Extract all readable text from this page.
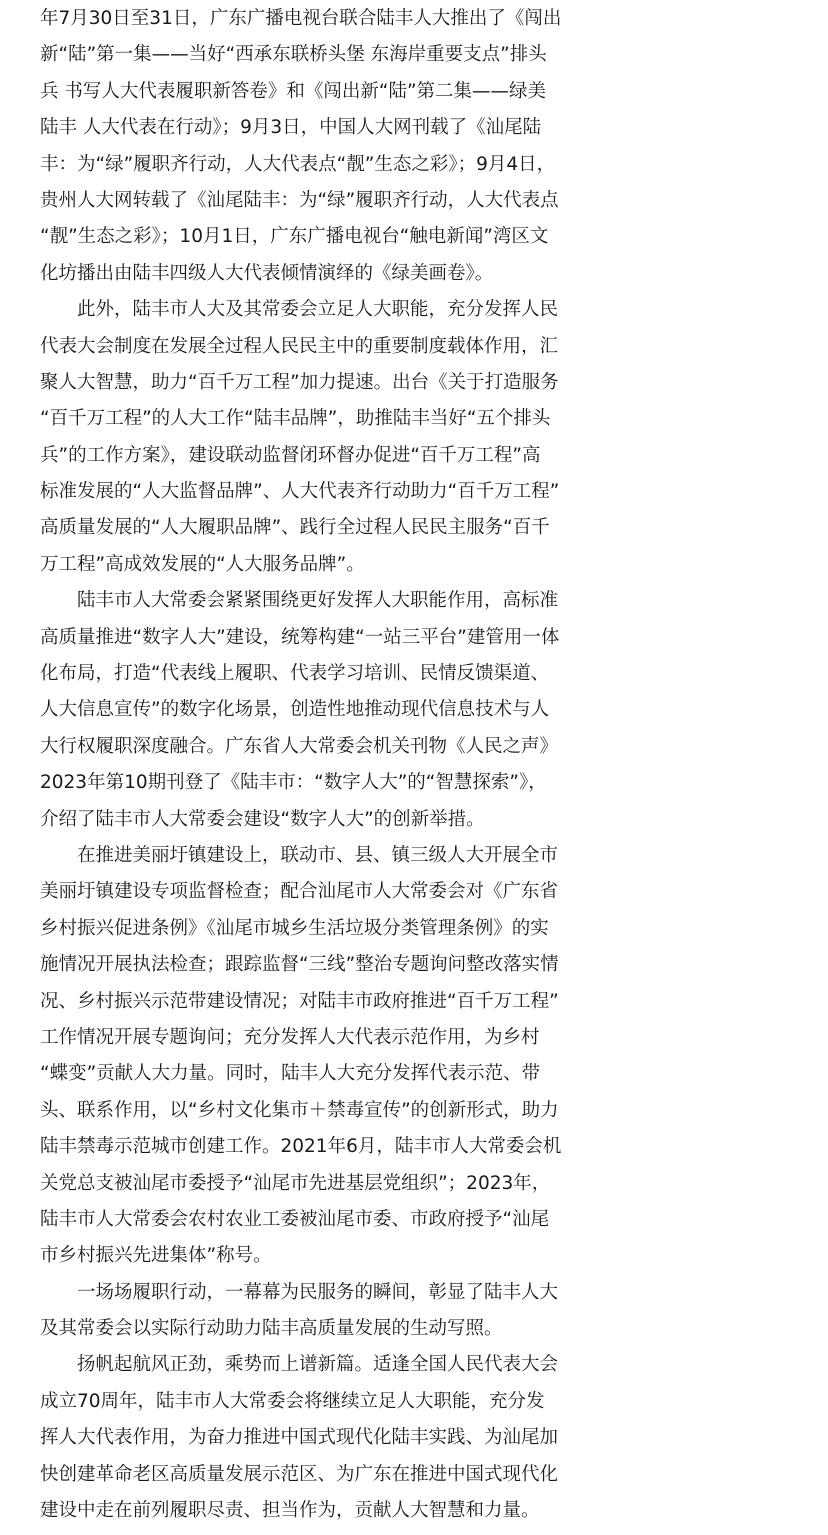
年7月30日至31日，广东广播电视台联合陆丰人大推出了《闯出
新“陆”第一集——当好“西承东联桥头堡 东海岸重要支点”排头
兵 书写人大代表履职新答卷》和《闯出新“陆”第二集——绿美
陆丰 人大代表在行动》；9月3日，中国人大网刊载了《汕尾陆
丰：为“绿”履职齐行动，人大代表点“靓”生态之彩》；9月4日，
贵州人大网转载了《汕尾陆丰：为“绿”履职齐行动，人大代表点
“靓”生态之彩》；10月1日，广东广播电视台“触电新闻”湾区文
化坊播出由陆丰四级人大代表倾情演绎的《绿美画卷》。

此外，陆丰市人大及其常委会立足人大职能，充分发挥人民
代表大会制度在发展全过程人民民主中的重要制度载体作用，汇
聚人大智慧，助力“百千万工程”加力提速。出台《关于打造服务
“百千万工程”的人大工作“陆丰品牌”，助推陆丰当好“五个排头
兵”的工作方案》，建设联动监督闭环督办促进“百千万工程”高
标准发展的“人大监督品牌”、人大代表齐行动助力“百千万工程”
高质量发展的“人大履职品牌”、践行全过程人民民主服务“百千
万工程”高成效发展的“人大服务品牌”。

陆丰市人大常委会紧紧围绕更好发挥人大职能作用，高标准
高质量推进“数字人大”建设，统筹构建“一站三平台”建管用一体
化布局，打造“代表线上履职、代表学习培训、民情反馈渠道、
人大信息宣传”的数字化场景，创造性地推动现代信息技术与人
大行权履职深度融合。广东省人大常委会机关刊物《人民之声》
2023年第10期刊登了《陆丰市：“数字人大”的“智慧探索”》，
介绍了陆丰市人大常委会建设“数字人大”的创新举措。

在推进美丽圩镇建设上，联动市、县、镇三级人大开展全市
美丽圩镇建设专项监督检查；配合汕尾市人大常委会对《广东省
乡村振兴促进条例》《汕尾市城乡生活垃圾分类管理条例》的实
施情况开展执法检查；跟踪监督“三线”整治专题询问整改落实情
况、乡村振兴示范带建设情况；对陆丰市政府推进“百千万工程”
工作情况开展专题询问；充分发挥人大代表示范作用，为乡村
“蝶变”贡献人大力量。同时，陆丰人大充分发挥代表示范、带
头、联系作用，以“乡村文化集市＋禁毒宣传”的创新形式，助力
陆丰禁毒示范城市创建工作。2021年6月，陆丰市人大常委会机
关党总支被汕尾市委授予“汕尾市先进基层党组织”；2023年，
陆丰市人大常委会农村农业工委被汕尾市委、市政府授予“汕尾
市乡村振兴先进集体”称号。

一场场履职行动，一幕幕为民服务的瞬间，彰显了陆丰人大
及其常委会以实际行动助力陆丰高质量发展的生动写照。

扬帆起航风正劲，乘势而上谱新篇。适逢全国人民代表大会
成立70周年，陆丰市人大常委会将继续立足人大职能，充分发
挥人大代表作用，为奋力推进中国式现代化陆丰实践、为汕尾加
快创建革命老区高质量发展示范区、为广东在推进中国式现代化
建设中走在前列履职尽责、担当作为，贡献人大智慧和力量。
